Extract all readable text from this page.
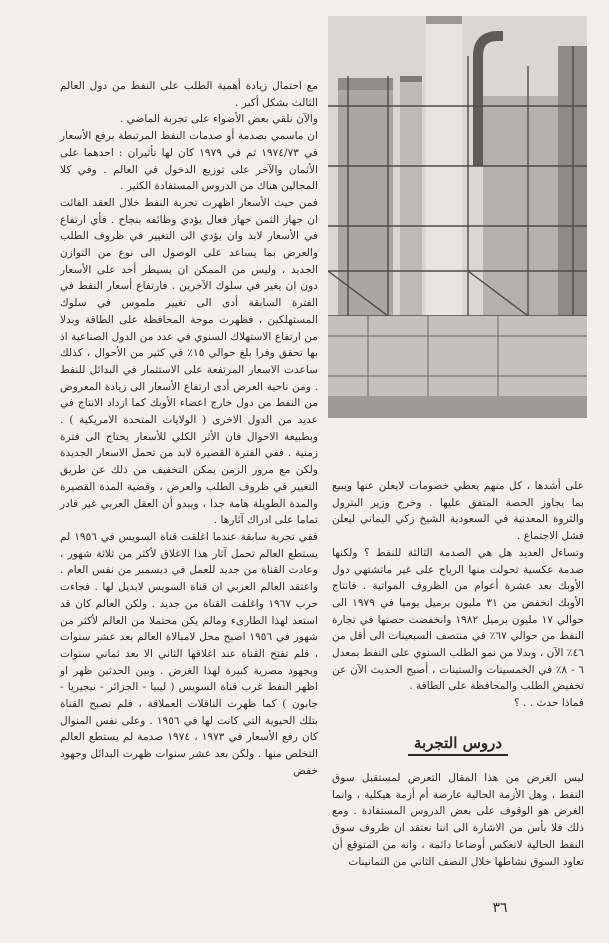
مع احتمال زيادة أهمية الطلب على النفط من دول العالم الثالث بشكل أكبر .

والآن نلقي بعض الأضواء على تجربة الماضي .

ان ماسمي بصدمة أو صدمات النفط المرتبطة برفع الأسعار في ١٩٧٤/٧٣ ثم في ١٩٧٩ كان لها تأثيران : احدهما على الأثمان والآخر على توزيع الدخول في العالم . وفي كلا المجالين هناك من الدروس المستفادة الكثير .

فمن حيث الأسعار اظهرت تجربة النفط خلال العقد الفائت ان جهاز الثمن جهاز فعال يؤدي وظائفه بنجاح . فأي ارتفاع في الأسعار لابد وان يؤدي الى التغيير في ظروف الطلب والعرض بما يساعد على الوصول الى نوع من التوازن الجديد ، وليس من الممكن ان يسيطر أحد على الأسعار دون ان يغير في سلوك الآخرين . فارتفاع أسعار النفط في الفترة السابقة أدى الى تغيير ملموس في سلوك المستهلكين ، فظهرت موجة المحافظة على الطاقة وبدلا من ارتفاع الاستهلاك السنوي في عدد من الدول الصناعية اذ بها تحقق وفرا بلغ حوالي ١٥٪ في كثير من الأحوال ، كذلك ساعدت الاسعار المرتفعة على الاستثمار في البدائل للنفط . ومن ناحية العرض أدى ارتفاع الأسعار الى زيادة المعروض من النفط من دول خارج اعضاء الأوبك كما ازداد الانتاج في عديد من الدول الاخرى ( الولايات المتحدة الامريكية ) . وبطبيعة الاحوال فان الأثر الكلي للأسعار يحتاج الى فترة زمنية . ففي الفترة القصيرة لابد من تحمل الاسعار الجديدة ولكن مع مرور الزمن يمكن التخفيف من ذلك عن طريق التغيير في ظروف الطلب والعرض ، وقضية المدة القصيرة والمدة الطويلة هامة جدا ، ويبدو أن العقل العربي غير قادر تماما على ادراك آثارها .

ففي تجربة سابقة عندما اغلقت قناة السويس في ١٩٥٦ لم يستطع العالم تحمل آثار هذا الاغلاق لأكثر من ثلاثة شهور ، وعادت القناة من جديد للعمل في ديسمبر من نفس العام . واعتقد العالم العربي ان قناة السويس لابديل لها . فجاءت حرب ١٩٦٧ واغلقت القناة من جديد . ولكن العالم كان قد استعد لهذا الطارىء ومالم يكن محتملا من العالم لأكثر من شهور في ١٩٥٦ اصبح محل لامبالاة العالم بعد عشر سنوات ، فلم تفتح القناة عند اغلاقها الثاني الا بعد ثماني سنوات وبجهود مصرية كبيرة لهذا الغرض . وبين الحدثين ظهر او اظهر النفط غرب قناة السويس ( ليبيا - الجزائر - نيجيريا - جابون ) كما ظهرت الناقلات العملاقة ، فلم تصبح القناة بتلك الحيوية التي كانت لها في ١٩٥٦ . وعلى نفس المنوال كان رفع الأسعار في ١٩٧٣ ، ١٩٧٤ صدمة لم يستطع العالم التخلص منها . ولكن بعد عشر سنوات ظهرت البدائل وجهود خفض

على أشدها ، كل منهم يعطي خصومات لايعلن عنها ويبيع بما يجاوز الحصة المتفق عليها . وخرج وزير البترول والثروة المعدنية في السعودية الشيخ زكي اليماني ليعلن فشل الاجتماع .

وتساءل العديد هل هي الصدمة الثالثة للنفط ؟ ولكنها صدمة عكسية تحولت منها الرياح على غير ماتشتهي دول الأوبك بعد عشرة أعوام من الظروف المواتية . فانتاج الأوبك انخفض من ٣١ مليون برميل يوميا في ١٩٧٩ الى حوالي ١٧ مليون برميل ١٩٨٢ وانخفضت حصتها في تجارة النفط من حوالي ٦٧٪ في منتصف السبعينات الى أقل من ٤٦٪ الآن ، وبدلا من نمو الطلب السنوي على النفط بمعدل ٦ - ٨٪ في الخمسينات والستينات ، أصبح الحديث الآن عن تخفيض الطلب والمحافظة على الطاقة .

فماذا حدث . . ؟

دروس التجربة

ليس الغرض من هذا المقال التعرض لمستقبل سوق النفط ، وهل الأزمة الحالية عارضة أم أزمة هيكلية ، وانما الغرض هو الوقوف على بعض الدروس المستفادة . ومع ذلك فلا بأس من الاشارة الى اننا نعتقد ان ظروف سوق النفط الحالية لاتعكس أوضاعا دائمة ، وانه من المتوقع أن تعاود السوق نشاطها خلال النصف الثاني من الثمانينات

٣٦
